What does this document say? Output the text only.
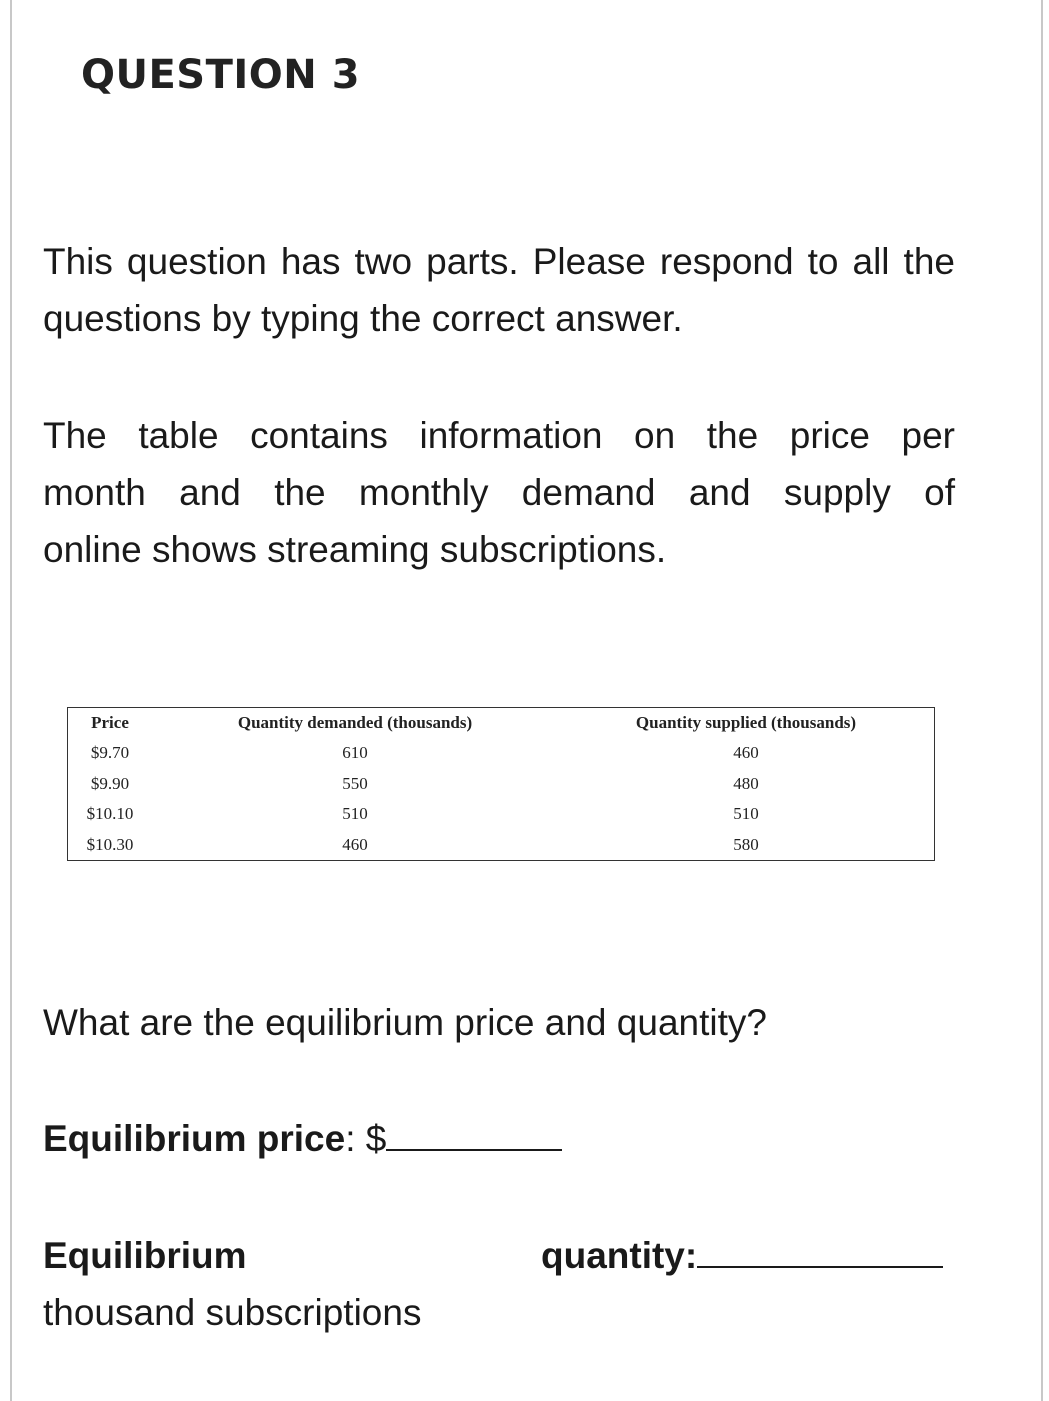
QUESTION 3

This question has two parts. Please respond to all the questions by typing the correct answer.

The table contains information on the price per
month and the monthly demand and supply of
online shows streaming subscriptions.

Price	Quantity demanded (thousands)	Quantity supplied (thousands)
$9.70	610	460
$9.90	550	480
$10.10	510	510
$10.30	460	580

What are the equilibrium price and quantity?

Equilibrium price: $

Equilibrium	quantity:

thousand subscriptions
